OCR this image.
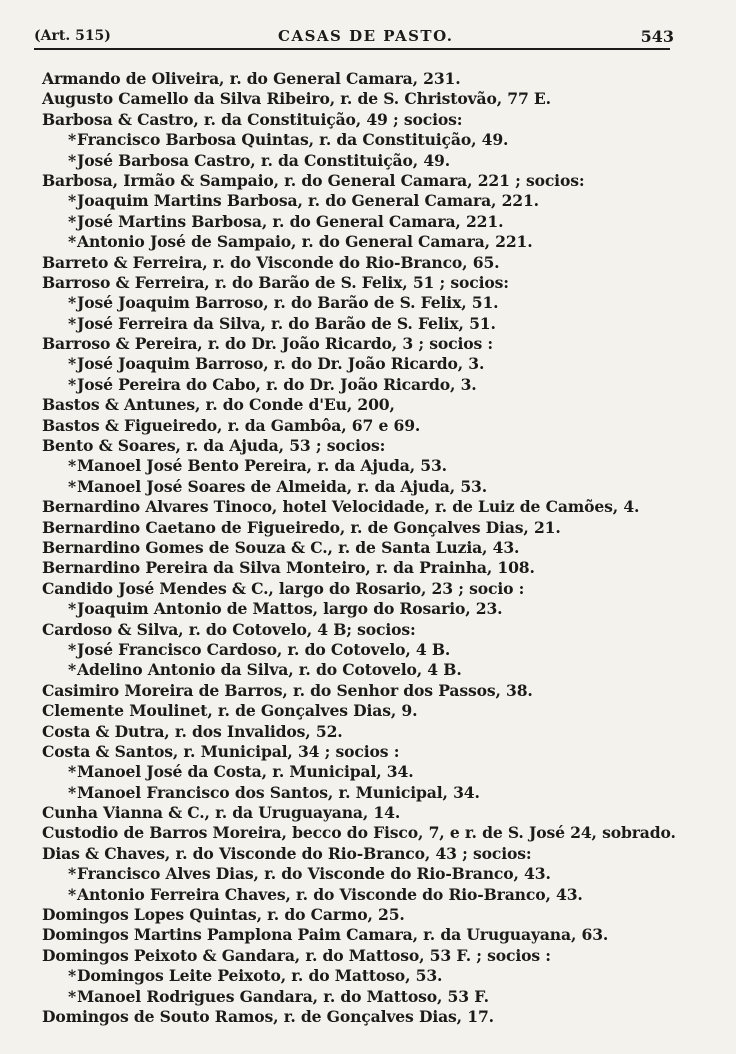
(Art. 515)	CASAS DE PASTO.	543
Armando de Oliveira, r. do General Camara, 231.
Augusto Camello da Silva Ribeiro, r. de S. Christovão, 77 E.
Barbosa & Castro, r. da Constituição, 49 ; socios:
* Francisco Barbosa Quintas, r. da Constituição, 49.
* José Barbosa Castro, r. da Constituição, 49.
Barbosa, Irmão & Sampaio, r. do General Camara, 221 ; socios:
* Joaquim Martins Barbosa, r. do General Camara, 221.
* José Martins Barbosa, r. do General Camara, 221.
* Antonio José de Sampaio, r. do General Camara, 221.
Barreto & Ferreira, r. do Visconde do Rio-Branco, 65.
Barroso & Ferreira, r. do Barão de S. Felix, 51 ; socios:
* José Joaquim Barroso, r. do Barão de S. Felix, 51.
* José Ferreira da Silva, r. do Barão de S. Felix, 51.
Barroso & Pereira, r. do Dr. João Ricardo, 3 ; socios :
* José Joaquim Barroso, r. do Dr. João Ricardo, 3.
* José Pereira do Cabo, r. do Dr. João Ricardo, 3.
Bastos & Antunes, r. do Conde d'Eu, 200,
Bastos & Figueiredo, r. da Gambôa, 67 e 69.
Bento & Soares, r. da Ajuda, 53 ; socios:
* Manoel José Bento Pereira, r. da Ajuda, 53.
* Manoel José Soares de Almeida, r. da Ajuda, 53.
Bernardino Alvares Tinoco, hotel Velocidade, r. de Luiz de Camões, 4.
Bernardino Caetano de Figueiredo, r. de Gonçalves Dias, 21.
Bernardino Gomes de Souza & C., r. de Santa Luzia, 43.
Bernardino Pereira da Silva Monteiro, r. da Prainha, 108.
Candido José Mendes & C., largo do Rosario, 23 ; socio :
* Joaquim Antonio de Mattos, largo do Rosario, 23.
Cardoso & Silva, r. do Cotovelo, 4 B; socios:
* José Francisco Cardoso, r. do Cotovelo, 4 B.
* Adelino Antonio da Silva, r. do Cotovelo, 4 B.
Casimiro Moreira de Barros, r. do Senhor dos Passos, 38.
Clemente Moulinet, r. de Gonçalves Dias, 9.
Costa & Dutra, r. dos Invalidos, 52.
Costa & Santos, r. Municipal, 34 ; socios :
* Manoel José da Costa, r. Municipal, 34.
* Manoel Francisco dos Santos, r. Municipal, 34.
Cunha Vianna & C., r. da Uruguayana, 14.
Custodio de Barros Moreira, becco do Fisco, 7, e r. de S. José 24, sobrado.
Dias & Chaves, r. do Visconde do Rio-Branco, 43 ; socios:
* Francisco Alves Dias, r. do Visconde do Rio-Branco, 43.
* Antonio Ferreira Chaves, r. do Visconde do Rio-Branco, 43.
Domingos Lopes Quintas, r. do Carmo, 25.
Domingos Martins Pamplona Paim Camara, r. da Uruguayana, 63.
Domingos Peixoto & Gandara, r. do Mattoso, 53 F. ; socios :
* Domingos Leite Peixoto, r. do Mattoso, 53.
* Manoel Rodrigues Gandara, r. do Mattoso, 53 F.
Domingos de Souto Ramos, r. de Gonçalves Dias, 17.
